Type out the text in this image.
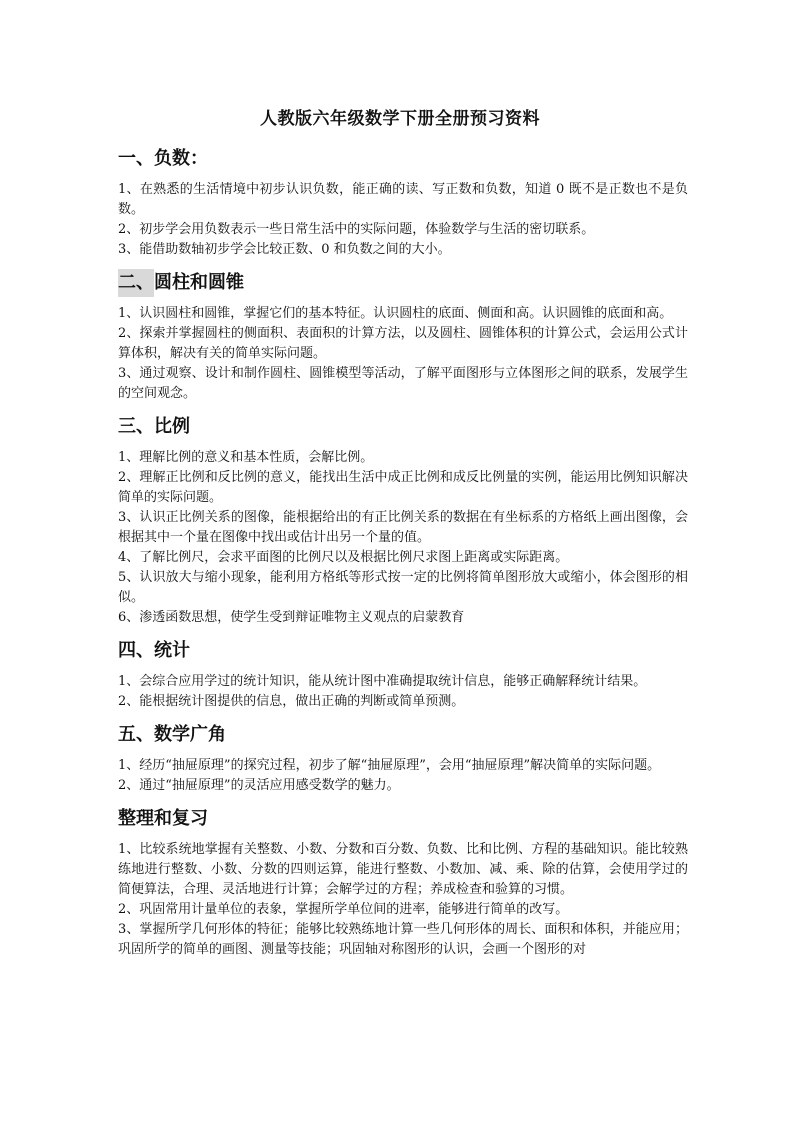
人教版六年级数学下册全册预习资料
一、负数：

1、在熟悉的生活情境中初步认识负数，能正确的读、写正数和负数，知道 0 既不是正数也不是负数。

2、初步学会用负数表示一些日常生活中的实际问题，体验数学与生活的密切联系。

3、能借助数轴初步学会比较正数、0 和负数之间的大小。

二、圆柱和圆锥

1、认识圆柱和圆锥，掌握它们的基本特征。认识圆柱的底面、侧面和高。认识圆锥的底面和高。

2、探索并掌握圆柱的侧面积、表面积的计算方法，以及圆柱、圆锥体积的计算公式，会运用公式计算体积，解决有关的简单实际问题。

3、通过观察、设计和制作圆柱、圆锥模型等活动，了解平面图形与立体图形之间的联系，发展学生的空间观念。

三、比例

1、理解比例的意义和基本性质，会解比例。

2、理解正比例和反比例的意义，能找出生活中成正比例和成反比例量的实例，能运用比例知识解决简单的实际问题。

3、认识正比例关系的图像，能根据给出的有正比例关系的数据在有坐标系的方格纸上画出图像，会根据其中一个量在图像中找出或估计出另一个量的值。

4、了解比例尺，会求平面图的比例尺以及根据比例尺求图上距离或实际距离。

5、认识放大与缩小现象，能利用方格纸等形式按一定的比例将简单图形放大或缩小，体会图形的相似。

6、渗透函数思想，使学生受到辩证唯物主义观点的启蒙教育

四、统计

1、会综合应用学过的统计知识，能从统计图中准确提取统计信息，能够正确解释统计结果。

2、能根据统计图提供的信息，做出正确的判断或简单预测。

五、数学广角

1、经历“抽屉原理”的探究过程，初步了解“抽屉原理”，会用“抽屉原理”解决简单的实际问题。

2、通过“抽屉原理”的灵活应用感受数学的魅力。

整理和复习

1、比较系统地掌握有关整数、小数、分数和百分数、负数、比和比例、方程的基础知识。能比较熟练地进行整数、小数、分数的四则运算，能进行整数、小数加、减、乘、除的估算，会使用学过的简便算法，合理、灵活地进行计算；会解学过的方程；养成检查和验算的习惯。

2、巩固常用计量单位的表象，掌握所学单位间的进率，能够进行简单的改写。

3、掌握所学几何形体的特征；能够比较熟练地计算一些几何形体的周长、面积和体积，并能应用；巩固所学的简单的画图、测量等技能；巩固轴对称图形的认识，会画一个图形的对
